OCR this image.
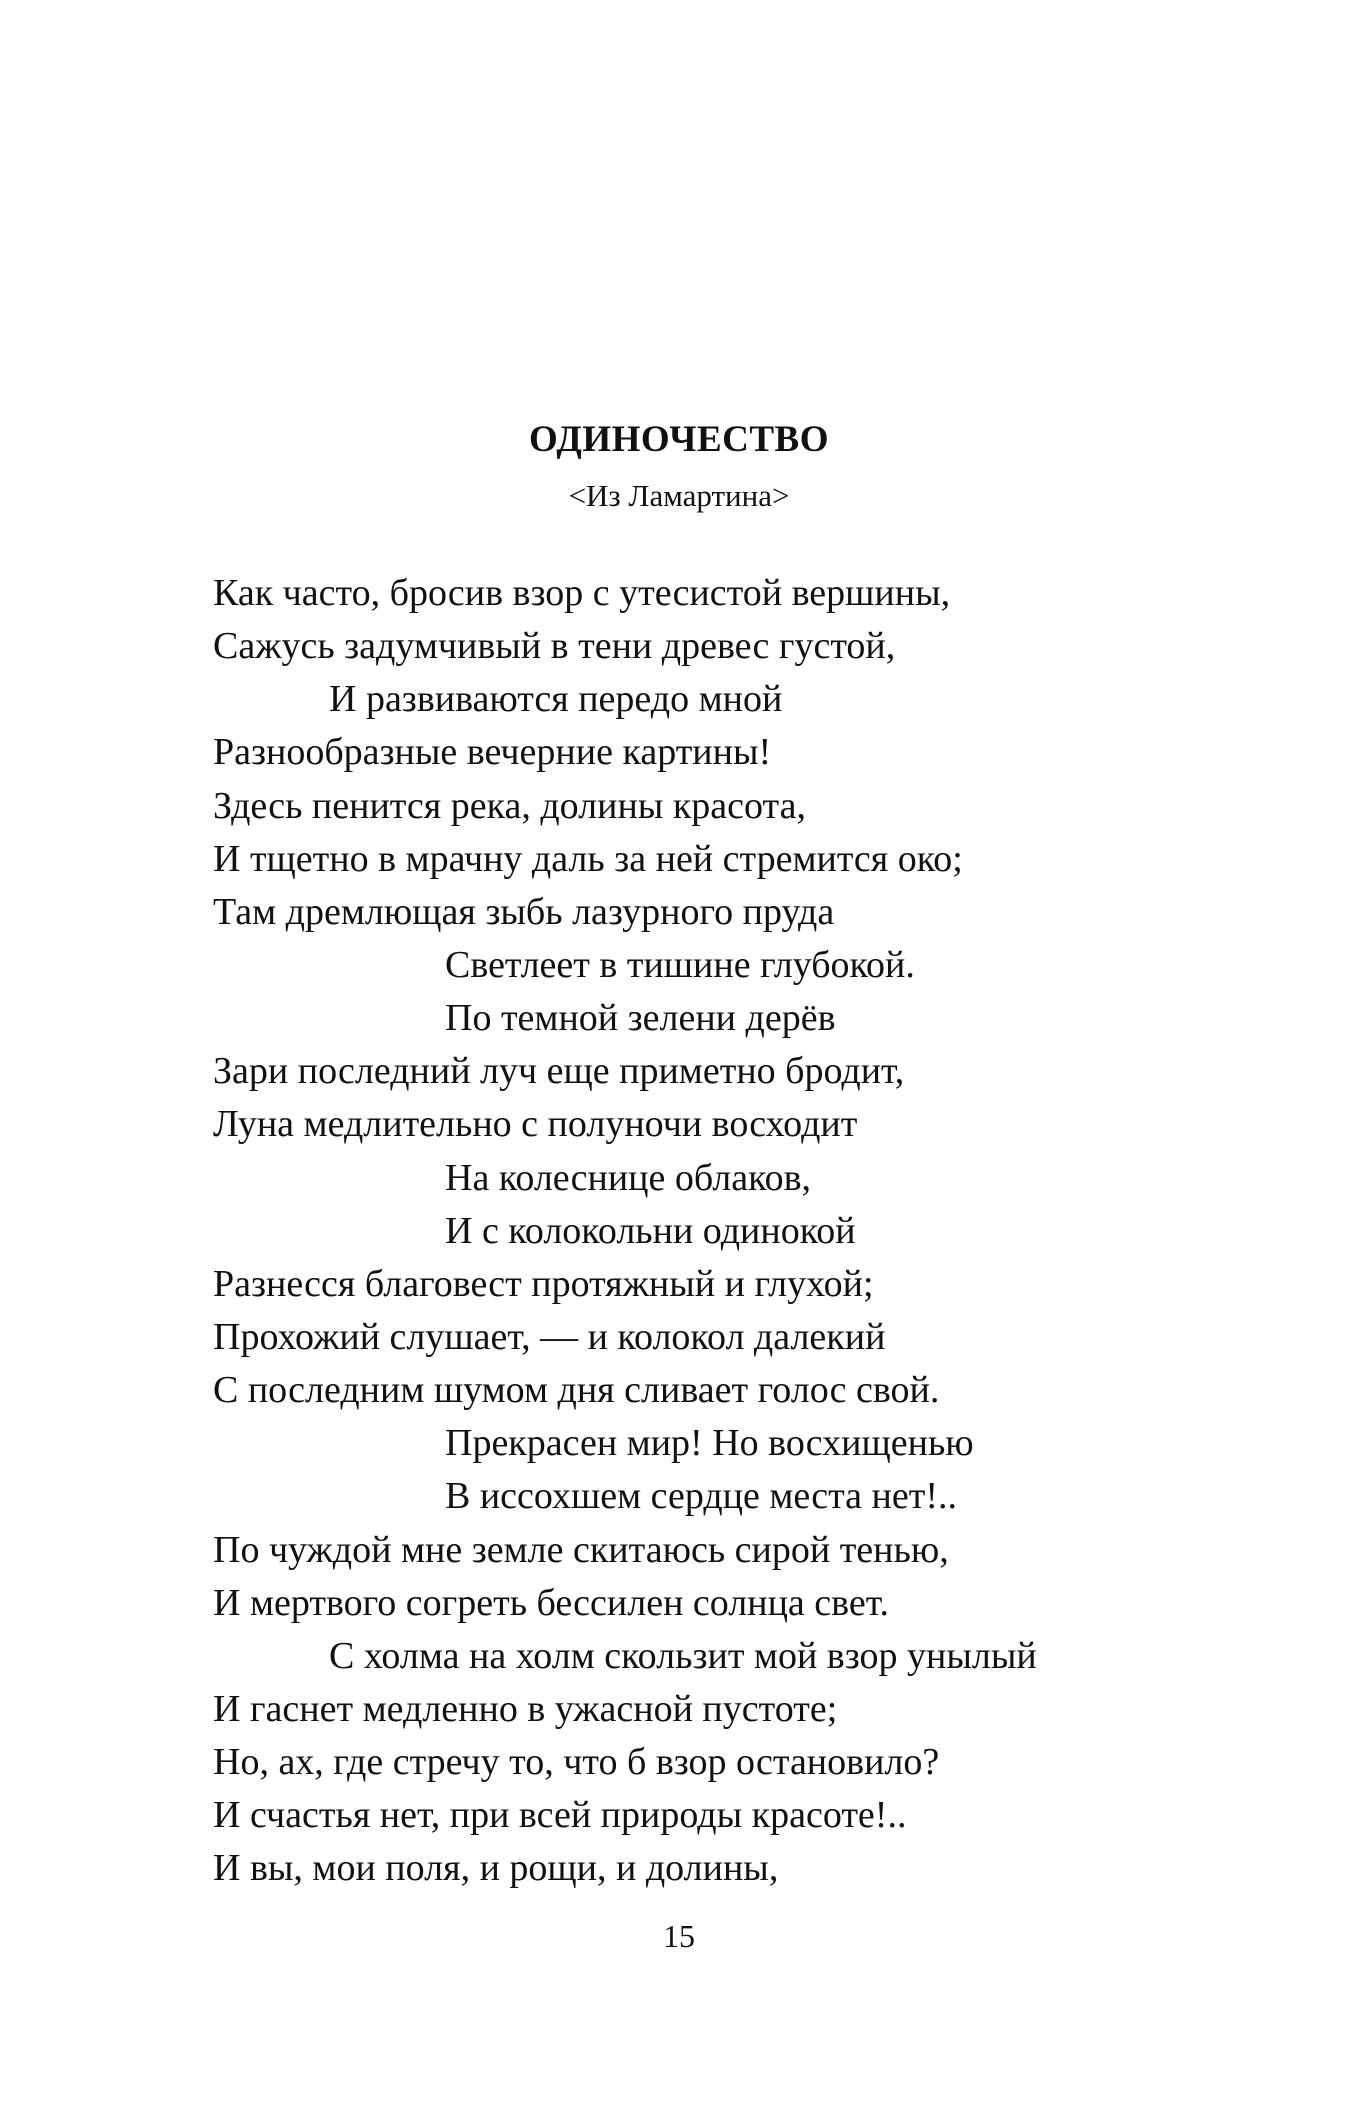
ОДИНОЧЕСТВО
<Из Ламартина>
Как часто, бросив взор с утесистой вершины,
Сажусь задумчивый в тени древес густой,
И развиваются передо мной
Разнообразные вечерние картины!
Здесь пенится река, долины красота,
И тщетно в мрачну даль за ней стремится око;
Там дремлющая зыбь лазурного пруда
Светлеет в тишине глубокой.
По темной зелени дерёв
Зари последний луч еще приметно бродит,
Луна медлительно с полуночи восходит
На колеснице облаков,
И с колокольни одинокой
Разнесся благовест протяжный и глухой;
Прохожий слушает, — и колокол далекий
С последним шумом дня сливает голос свой.
Прекрасен мир! Но восхищенью
В иссохшем сердце места нет!..
По чуждой мне земле скитаюсь сирой тенью,
И мертвого согреть бессилен солнца свет.
С холма на холм скользит мой взор унылый
И гаснет медленно в ужасной пустоте;
Но, ах, где стречу то, что б взор остановило?
И счастья нет, при всей природы красоте!..
И вы, мои поля, и рощи, и долины,
15
